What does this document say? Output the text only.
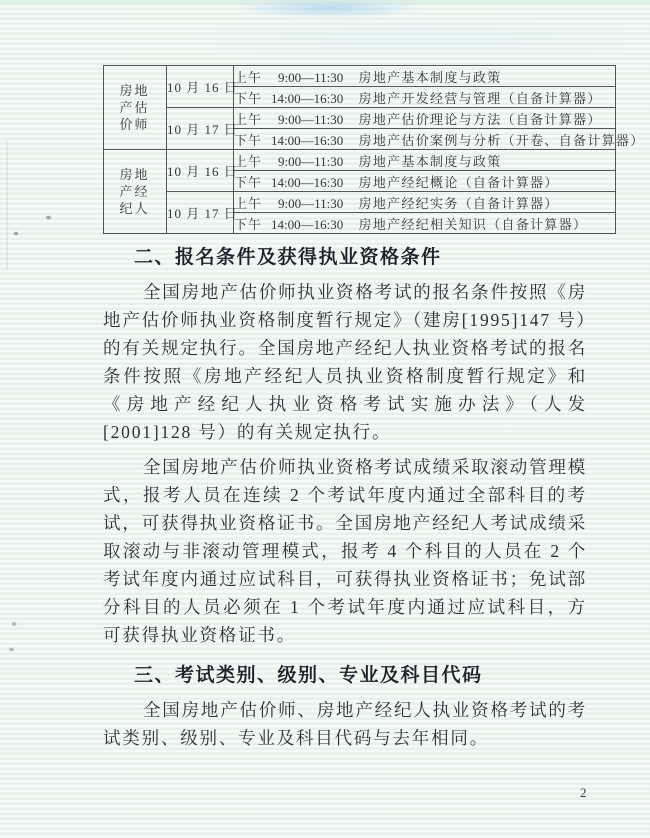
房地产估价师	10 月 16 日	上午 9:00—11:30 房地产基本制度与政策
		下午 14:00—16:30 房地产开发经营与管理（自备计算器）
	10 月 17 日	上午 9:00—11:30 房地产估价理论与方法（自备计算器）
		下午 14:00—16:30 房地产估价案例与分析（开卷、自备计算器）
房地产经纪人	10 月 16 日	上午 9:00—11:30 房地产基本制度与政策
		下午 14:00—16:30 房地产经纪概论（自备计算器）
	10 月 17 日	上午 9:00—11:30 房地产经纪实务（自备计算器）
		下午 14:00—16:30 房地产经纪相关知识（自备计算器）
二、报名条件及获得执业资格条件

全国房地产估价师执业资格考试的报名条件按照《房地产估价师执业资格制度暂行规定》（建房[1995]147 号）的有关规定执行。全国房地产经纪人执业资格考试的报名条件按照《房地产经纪人员执业资格制度暂行规定》和《房地产经纪人执业资格考试实施办法》（人发[2001]128 号）的有关规定执行。

全国房地产估价师执业资格考试成绩采取滚动管理模式，报考人员在连续 2 个考试年度内通过全部科目的考试，可获得执业资格证书。全国房地产经纪人考试成绩采取滚动与非滚动管理模式，报考 4 个科目的人员在 2 个考试年度内通过应试科目，可获得执业资格证书；免试部分科目的人员必须在 1 个考试年度内通过应试科目，方可获得执业资格证书。

三、考试类别、级别、专业及科目代码

全国房地产估价师、房地产经纪人执业资格考试的考试类别、级别、专业及科目代码与去年相同。

2
